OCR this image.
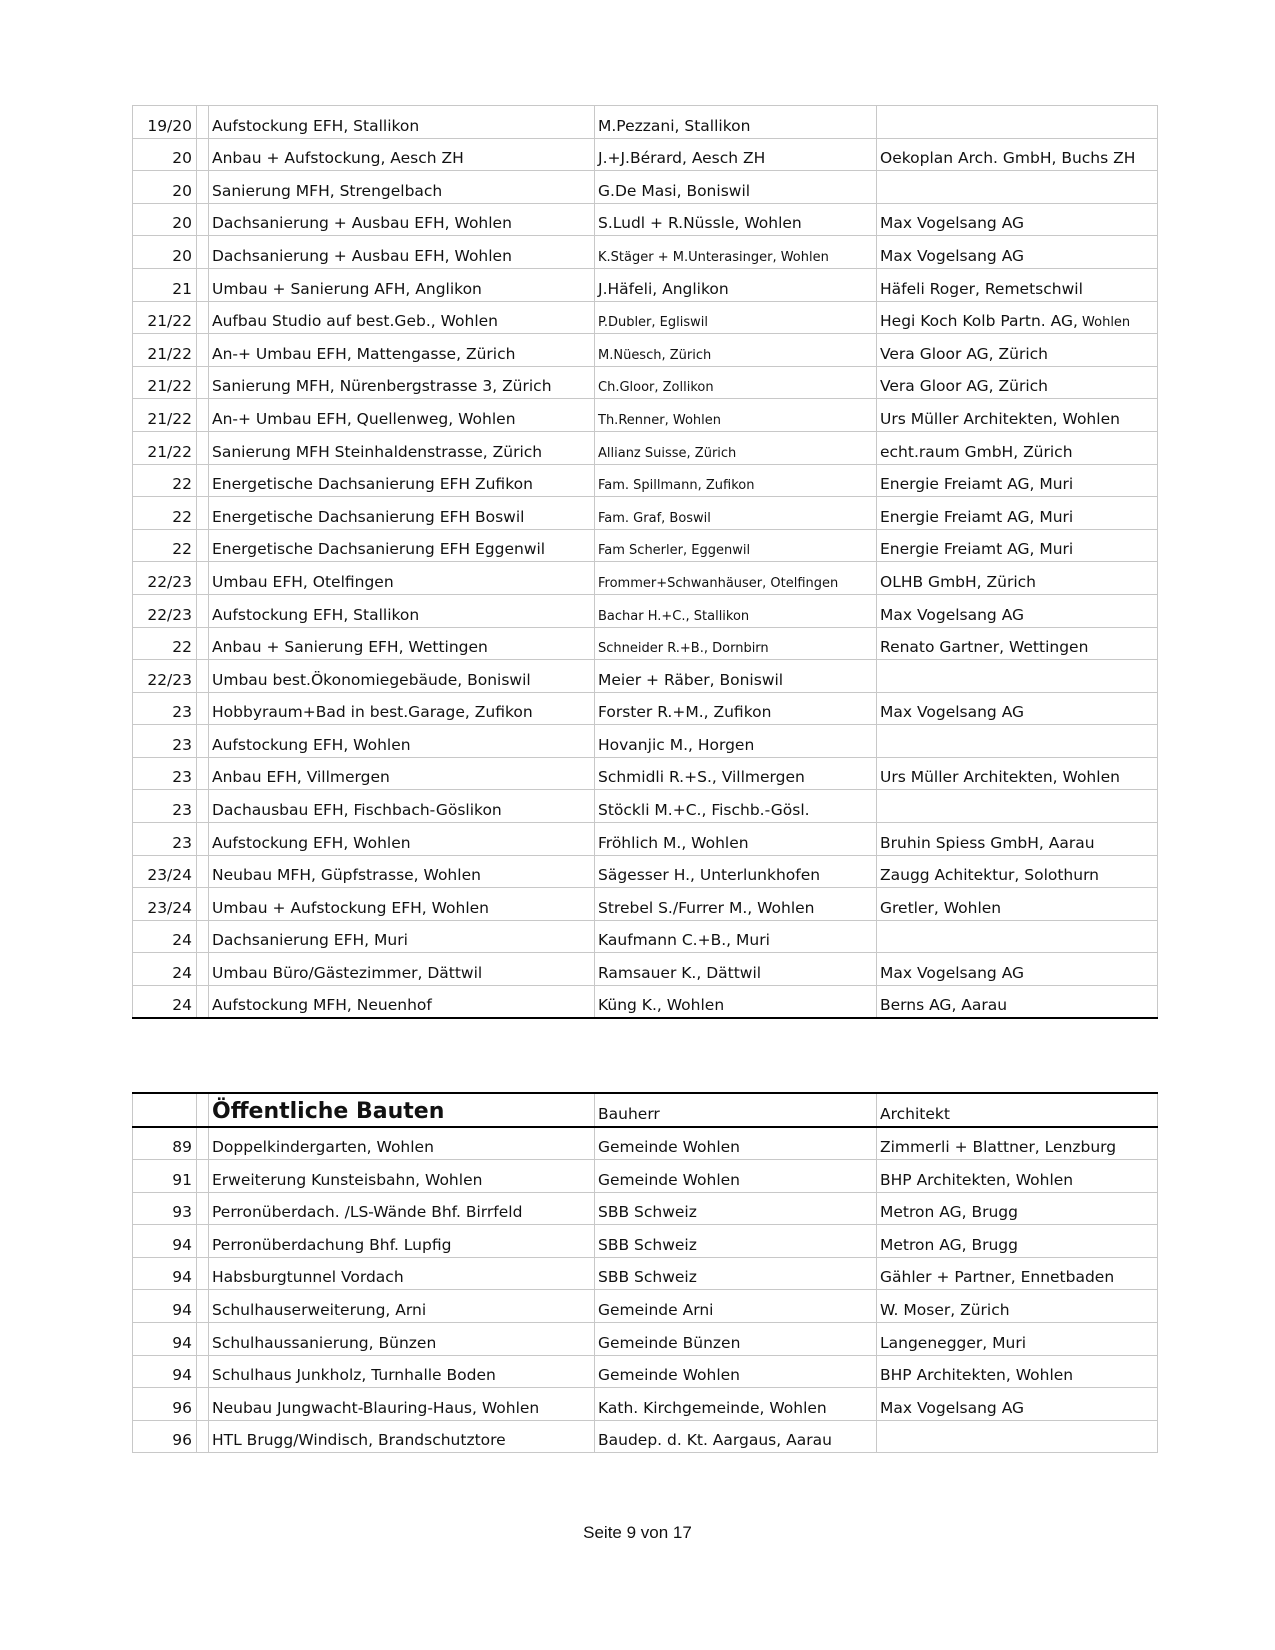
19/20		Aufstockung EFH, Stallikon	M.Pezzani, Stallikon	
20		Anbau + Aufstockung, Aesch ZH	J.+J.Bérard, Aesch ZH	Oekoplan Arch. GmbH, Buchs ZH
20		Sanierung MFH, Strengelbach	G.De Masi, Boniswil	
20		Dachsanierung + Ausbau EFH, Wohlen	S.Ludl + R.Nüssle, Wohlen	Max Vogelsang AG
20		Dachsanierung + Ausbau EFH, Wohlen	K.Stäger + M.Unterasinger, Wohlen	Max Vogelsang AG
21		Umbau + Sanierung AFH, Anglikon	J.Häfeli, Anglikon	Häfeli Roger, Remetschwil
21/22		Aufbau Studio auf best.Geb., Wohlen	P.Dubler, Egliswil	Hegi Koch Kolb Partn. AG, Wohlen
21/22		An-+ Umbau EFH, Mattengasse, Zürich	M.Nüesch, Zürich	Vera Gloor AG, Zürich
21/22		Sanierung MFH, Nürenbergstrasse 3, Zürich	Ch.Gloor, Zollikon	Vera Gloor AG, Zürich
21/22		An-+ Umbau EFH, Quellenweg, Wohlen	Th.Renner, Wohlen	Urs Müller Architekten, Wohlen
21/22		Sanierung MFH Steinhaldenstrasse, Zürich	Allianz Suisse, Zürich	echt.raum GmbH, Zürich
22		Energetische Dachsanierung EFH Zufikon	Fam. Spillmann, Zufikon	Energie Freiamt AG, Muri
22		Energetische Dachsanierung EFH Boswil	Fam. Graf, Boswil	Energie Freiamt AG, Muri
22		Energetische Dachsanierung EFH Eggenwil	Fam Scherler, Eggenwil	Energie Freiamt AG, Muri
22/23		Umbau EFH, Otelfingen	Frommer+Schwanhäuser, Otelfingen	OLHB GmbH, Zürich
22/23		Aufstockung EFH, Stallikon	Bachar H.+C., Stallikon	Max Vogelsang AG
22		Anbau + Sanierung EFH, Wettingen	Schneider R.+B., Dornbirn	Renato Gartner, Wettingen
22/23		Umbau best.Ökonomiegebäude, Boniswil	Meier + Räber, Boniswil	
23		Hobbyraum+Bad in best.Garage, Zufikon	Forster R.+M., Zufikon	Max Vogelsang AG
23		Aufstockung EFH, Wohlen	Hovanjic M., Horgen	
23		Anbau EFH, Villmergen	Schmidli R.+S., Villmergen	Urs Müller Architekten, Wohlen
23		Dachausbau EFH, Fischbach-Göslikon	Stöckli M.+C., Fischb.-Gösl.	
23		Aufstockung EFH, Wohlen	Fröhlich M., Wohlen	Bruhin Spiess GmbH, Aarau
23/24		Neubau MFH, Güpfstrasse, Wohlen	Sägesser H., Unterlunkhofen	Zaugg Achitektur, Solothurn
23/24		Umbau + Aufstockung EFH, Wohlen	Strebel S./Furrer M., Wohlen	Gretler, Wohlen
24		Dachsanierung EFH, Muri	Kaufmann C.+B., Muri	
24		Umbau Büro/Gästezimmer, Dättwil	Ramsauer K., Dättwil	Max Vogelsang AG
24		Aufstockung MFH, Neuenhof	Küng K., Wohlen	Berns AG, Aarau
		Öffentliche Bauten	Bauherr	Architekt
89		Doppelkindergarten, Wohlen	Gemeinde Wohlen	Zimmerli + Blattner, Lenzburg
91		Erweiterung Kunsteisbahn, Wohlen	Gemeinde Wohlen	BHP Architekten, Wohlen
93		Perronüberdach. /LS-Wände Bhf. Birrfeld	SBB Schweiz	Metron AG, Brugg
94		Perronüberdachung Bhf. Lupfig	SBB Schweiz	Metron AG, Brugg
94		Habsburgtunnel Vordach	SBB Schweiz	Gähler + Partner, Ennetbaden
94		Schulhauserweiterung, Arni	Gemeinde Arni	W. Moser, Zürich
94		Schulhaussanierung, Bünzen	Gemeinde Bünzen	Langenegger, Muri
94		Schulhaus Junkholz, Turnhalle Boden	Gemeinde Wohlen	BHP Architekten, Wohlen
96		Neubau Jungwacht-Blauring-Haus, Wohlen	Kath. Kirchgemeinde, Wohlen	Max Vogelsang AG
96		HTL Brugg/Windisch, Brandschutztore	Baudep. d. Kt. Aargaus, Aarau	
Seite 9 von 17
